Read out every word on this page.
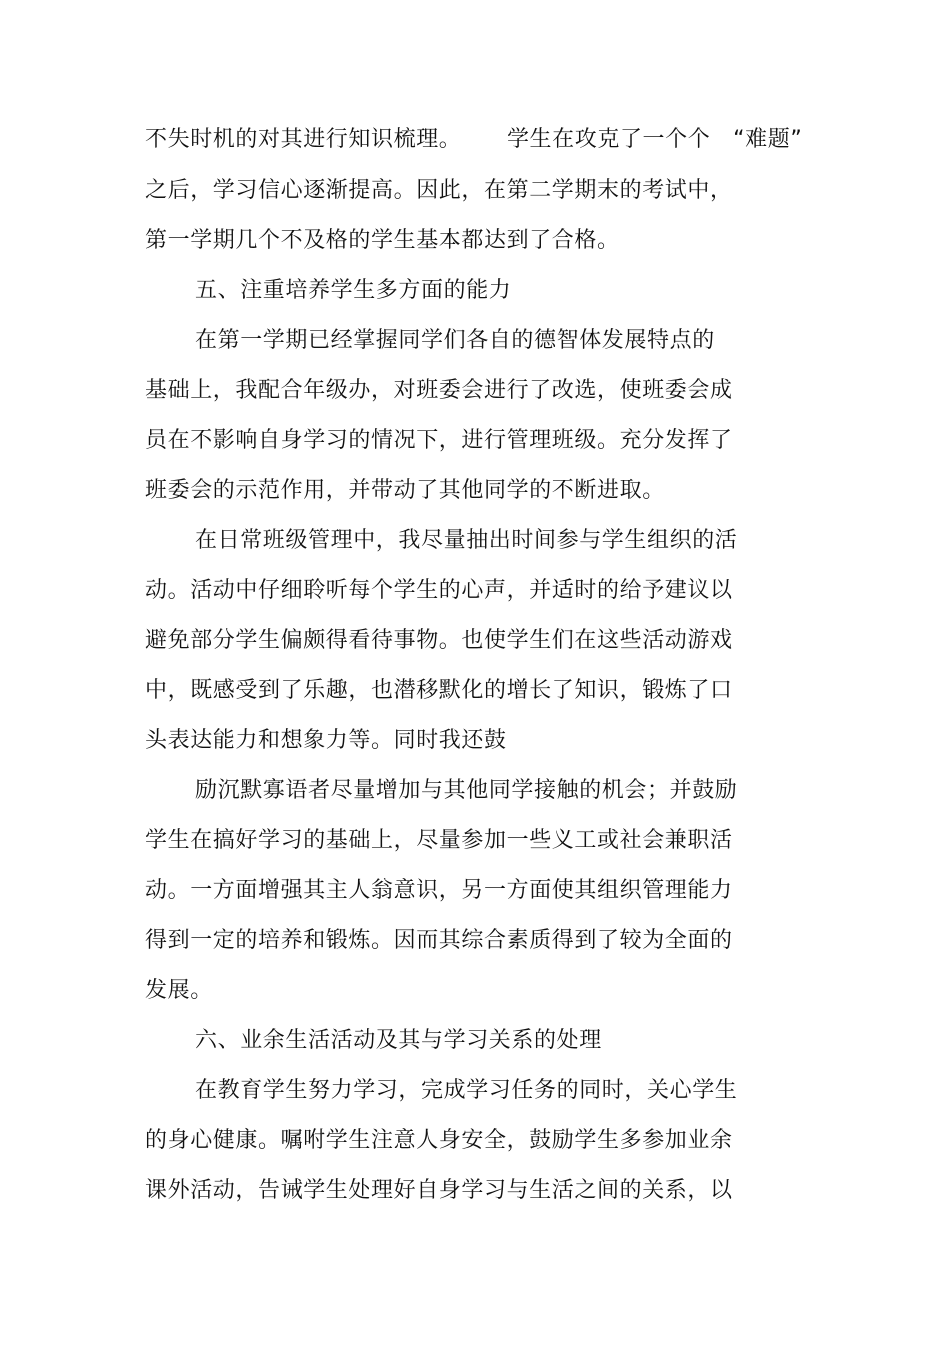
不失时机的对其进行知识梳理。      学生在攻克了一个个   “难题”
之后，学习信心逐渐提高。因此，在第二学期末的考试中，
第一学期几个不及格的学生基本都达到了合格。
五、注重培养学生多方面的能力
在第一学期已经掌握同学们各自的德智体发展特点的
基础上，我配合年级办，对班委会进行了改选，使班委会成
员在不影响自身学习的情况下，进行管理班级。充分发挥了
班委会的示范作用，并带动了其他同学的不断进取。
在日常班级管理中，我尽量抽出时间参与学生组织的活
动。活动中仔细聆听每个学生的心声，并适时的给予建议以
避免部分学生偏颇得看待事物。也使学生们在这些活动游戏
中，既感受到了乐趣，也潜移默化的增长了知识，锻炼了口
头表达能力和想象力等。同时我还鼓
励沉默寡语者尽量增加与其他同学接触的机会；并鼓励
学生在搞好学习的基础上，尽量参加一些义工或社会兼职活
动。一方面增强其主人翁意识，另一方面使其组织管理能力
得到一定的培养和锻炼。因而其综合素质得到了较为全面的
发展。
六、业余生活活动及其与学习关系的处理
在教育学生努力学习，完成学习任务的同时，关心学生
的身心健康。嘱咐学生注意人身安全，鼓励学生多参加业余
课外活动，告诫学生处理好自身学习与生活之间的关系，以
